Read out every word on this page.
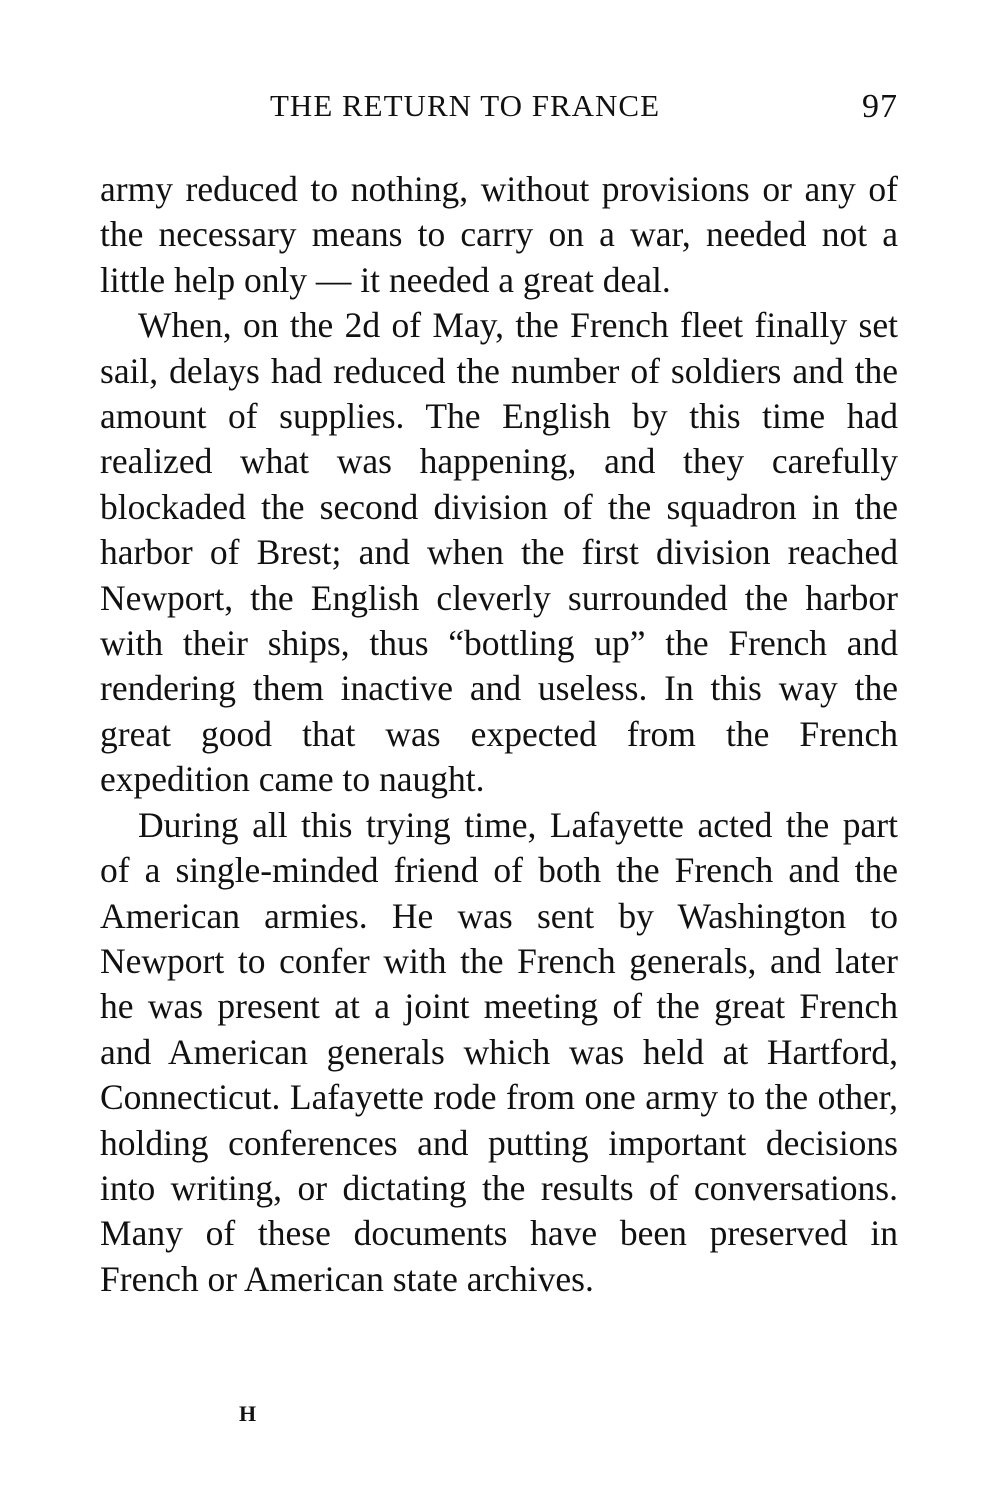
THE RETURN TO FRANCE	97

army reduced to nothing, without provisions or any of the necessary means to carry on a war, needed not a little help only — it needed a great deal.

When, on the 2d of May, the French fleet finally set sail, delays had reduced the number of soldiers and the amount of supplies. The English by this time had realized what was happening, and they carefully blockaded the second division of the squadron in the harbor of Brest; and when the first division reached Newport, the English cleverly surrounded the harbor with their ships, thus “bottling up” the French and rendering them inactive and useless. In this way the great good that was expected from the French expedition came to naught.

During all this trying time, Lafayette acted the part of a single-minded friend of both the French and the American armies. He was sent by Washington to Newport to confer with the French generals, and later he was present at a joint meeting of the great French and American generals which was held at Hartford, Connecticut. Lafayette rode from one army to the other, holding conferences and putting important decisions into writing, or dictating the results of conversations. Many of these documents have been preserved in French or American state archives.

H
